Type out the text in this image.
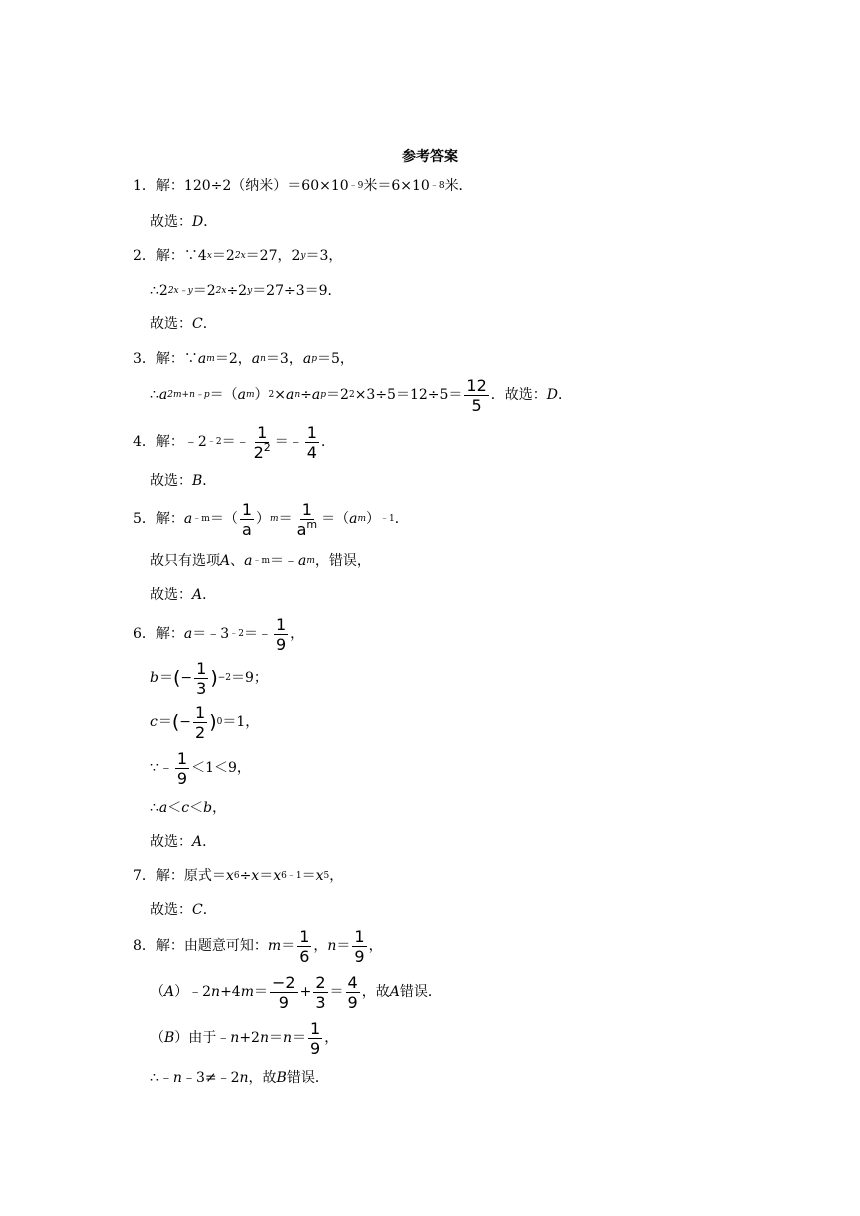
参考答案
1． 解：120÷2（纳米）＝60×10 ﹣9 米＝6×10 ﹣8 米．
故选： D ．
2． 解：∵4 x ＝2 2x ＝27，2 y ＝3，
∴2 2x﹣y ＝2 2x ÷2 y ＝27÷3＝9．
故选： C ．
3． 解：∵ a m ＝2， a n ＝3， a p ＝5，
∴ a 2m+n﹣p ＝（ a m ） 2 × a n ÷ a p ＝2 $2 \times 3\div 5=12\div 5= \frac{12}{5}$ ．故选： D ．
4． 解：﹣2 ﹣2 ＝﹣ $\frac{1}{2^2}$ ＝﹣ $\frac{1}{4}$ ．
故选： B ．
5． 解： a ﹣m ＝（ $\frac{1}{a}$ ） $m = \frac{1}{a^m}$ ＝（ a m ） ﹣1 ．
故只有选项 A 、 a ﹣m ＝﹣ a m ，错误，
故选： A ．
6． 解： a ＝﹣3 ﹣2 ＝﹣ $\frac{1}{9}$ ，
b ＝ ( − $\frac{1}{3}$ ) −2 ＝9；
c ＝ ( − $\frac{1}{2}$ ) 0 ＝1，
∵﹣ $\frac{1}{9} <1<9$，
∴ a ＜ c ＜ b ，
故选： A ．
7． 解：原式＝ x 6 ÷ x ＝ x 6﹣1 ＝ x 5 ，
故选： C ．
8． 解：由题意可知： $m = \frac{1}{6}$ ， $n = \frac{1}{9}$ ，
（ A ）﹣2 n +4 $m = \frac{-2}{9} + \frac{2}{3} = \frac{4}{9}$ ，故 A 错误．
（ B ）由于﹣ n +2 $n = n = \frac{1}{9}$ ，
∴﹣ n ﹣3≠﹣2 n ，故 B 错误．
